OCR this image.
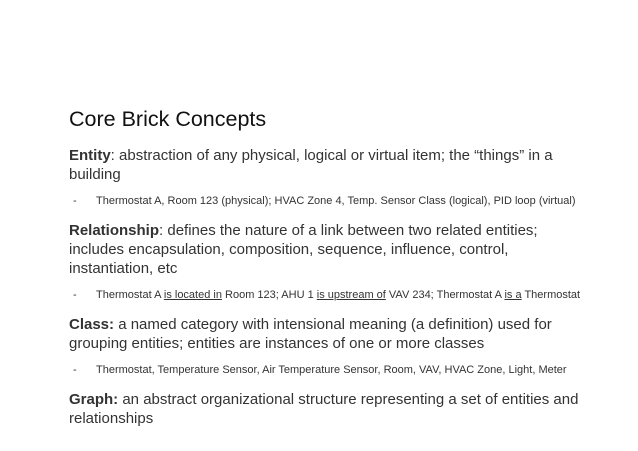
Core Brick Concepts

Entity: abstraction of any physical, logical or virtual item; the “things” in a building

- Thermostat A, Room 123 (physical); HVAC Zone 4, Temp. Sensor Class (logical), PID loop (virtual)

Relationship: defines the nature of a link between two related entities; includes encapsulation, composition, sequence, influence, control, instantiation, etc

- Thermostat A is located in Room 123; AHU 1 is upstream of VAV 234; Thermostat A is a Thermostat

Class: a named category with intensional meaning (a definition) used for grouping entities; entities are instances of one or more classes

- Thermostat, Temperature Sensor, Air Temperature Sensor, Room, VAV, HVAC Zone, Light, Meter

Graph: an abstract organizational structure representing a set of entities and relationships
